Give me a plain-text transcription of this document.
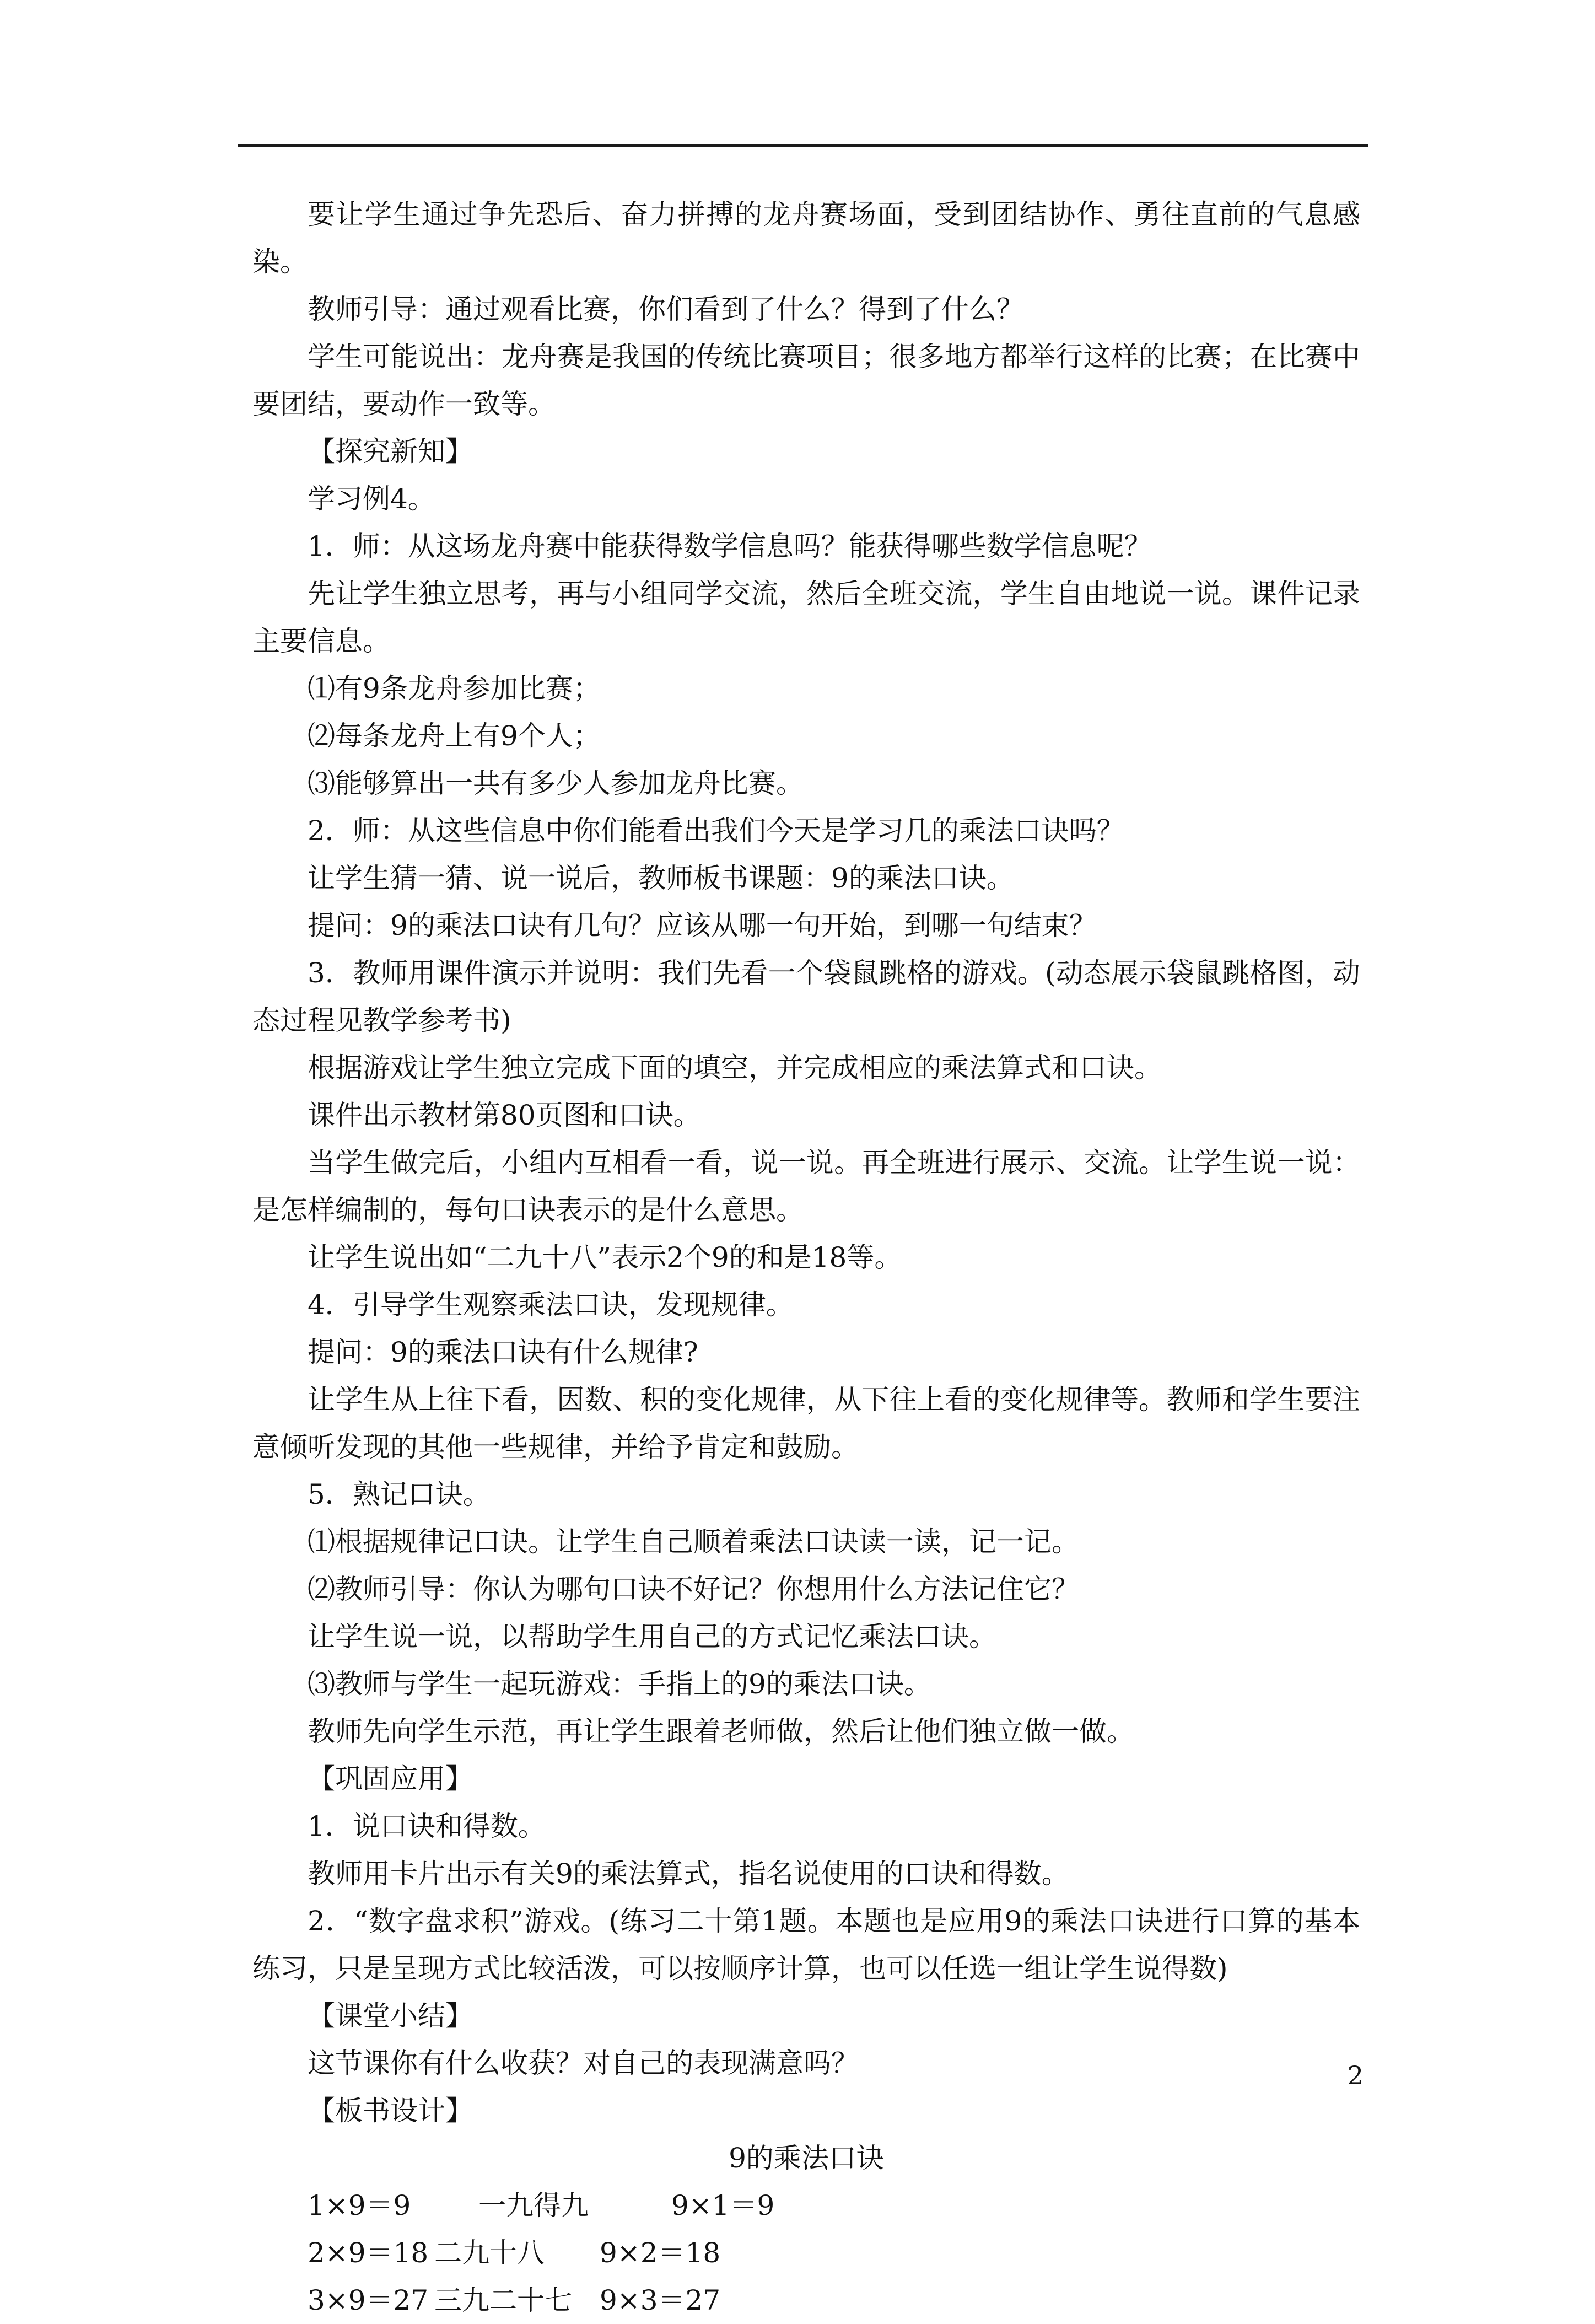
要让学生通过争先恐后、奋力拼搏的龙舟赛场面，受到团结协作、勇往直前的气息感染。

教师引导：通过观看比赛，你们看到了什么？得到了什么？

学生可能说出：龙舟赛是我国的传统比赛项目；很多地方都举行这样的比赛；在比赛中要团结，要动作一致等。

【探究新知】

学习例4。

1．师：从这场龙舟赛中能获得数学信息吗？能获得哪些数学信息呢？

先让学生独立思考，再与小组同学交流，然后全班交流，学生自由地说一说。课件记录主要信息。

⑴有9条龙舟参加比赛；

⑵每条龙舟上有9个人；

⑶能够算出一共有多少人参加龙舟比赛。

2．师：从这些信息中你们能看出我们今天是学习几的乘法口诀吗？

让学生猜一猜、说一说后，教师板书课题：9的乘法口诀。

提问：9的乘法口诀有几句？应该从哪一句开始，到哪一句结束？

3．教师用课件演示并说明：我们先看一个袋鼠跳格的游戏。(动态展示袋鼠跳格图，动态过程见教学参考书)

根据游戏让学生独立完成下面的填空，并完成相应的乘法算式和口诀。

课件出示教材第80页图和口诀。

当学生做完后，小组内互相看一看，说一说。再全班进行展示、交流。让学生说一说：是怎样编制的，每句口诀表示的是什么意思。

让学生说出如“二九十八”表示2个9的和是18等。

4．引导学生观察乘法口诀，发现规律。

提问：9的乘法口诀有什么规律?

让学生从上往下看，因数、积的变化规律，从下往上看的变化规律等。教师和学生要注意倾听发现的其他一些规律，并给予肯定和鼓励。

5．熟记口诀。

⑴根据规律记口诀。让学生自己顺着乘法口诀读一读，记一记。

⑵教师引导：你认为哪句口诀不好记？你想用什么方法记住它？

让学生说一说，以帮助学生用自己的方式记忆乘法口诀。

⑶教师与学生一起玩游戏：手指上的9的乘法口诀。

教师先向学生示范，再让学生跟着老师做，然后让他们独立做一做。

【巩固应用】

1．说口诀和得数。

教师用卡片出示有关9的乘法算式，指名说使用的口诀和得数。

2．“数字盘求积”游戏。(练习二十第1题。本题也是应用9的乘法口诀进行口算的基本练习，只是呈现方式比较活泼，可以按顺序计算，也可以任选一组让学生说得数)

【课堂小结】

这节课你有什么收获？对自己的表现满意吗？

【板书设计】

9的乘法口诀

1×9＝9 一九得九	9×1＝9
2×9＝18 二九十八 9×2＝18
3×9＝27 三九二十七 9×3＝27
2
